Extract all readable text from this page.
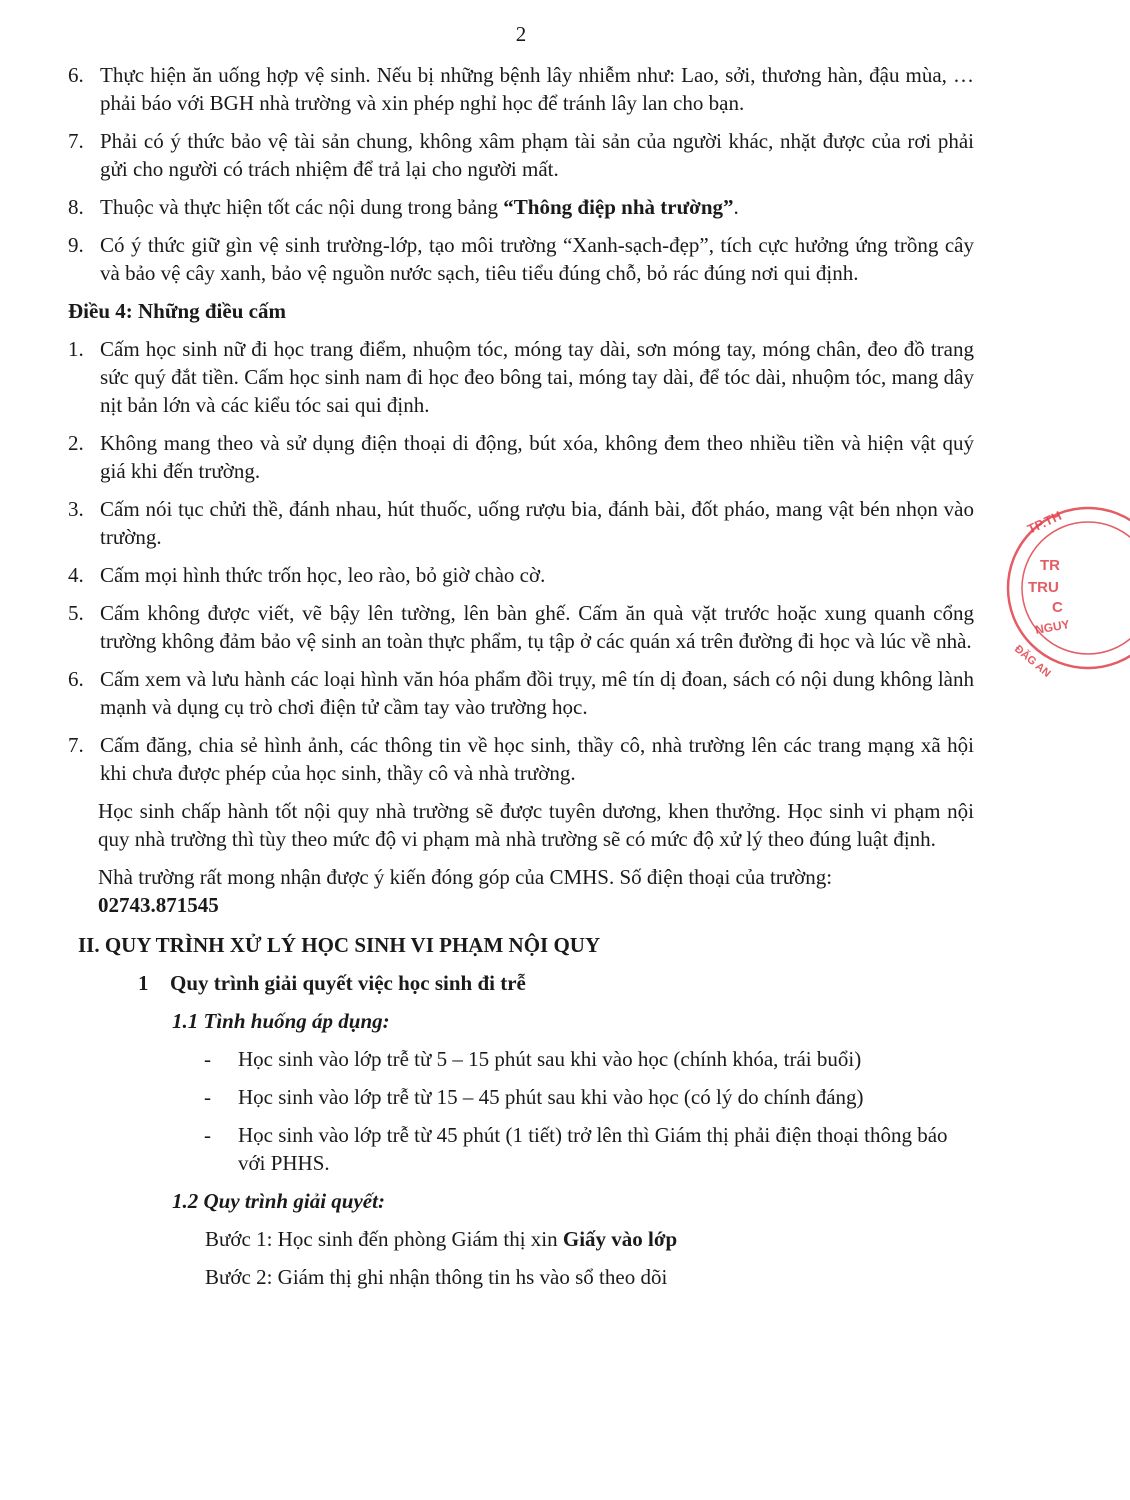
2
6. Thực hiện ăn uống hợp vệ sinh. Nếu bị những bệnh lây nhiễm như: Lao, sởi, thương hàn, đậu mùa, … phải báo với BGH nhà trường và xin phép nghỉ học để tránh lây lan cho bạn.
7. Phải có ý thức bảo vệ tài sản chung, không xâm phạm tài sản của người khác, nhặt được của rơi phải gửi cho người có trách nhiệm để trả lại cho người mất.
8. Thuộc và thực hiện tốt các nội dung trong bảng “Thông điệp nhà trường”.
9. Có ý thức giữ gìn vệ sinh trường-lớp, tạo môi trường “Xanh-sạch-đẹp”, tích cực hưởng ứng trồng cây và bảo vệ cây xanh, bảo vệ nguồn nước sạch, tiêu tiểu đúng chỗ, bỏ rác đúng nơi qui định.
Điều 4: Những điều cấm
1. Cấm học sinh nữ đi học trang điểm, nhuộm tóc, móng tay dài, sơn móng tay, móng chân, đeo đồ trang sức quý đắt tiền. Cấm học sinh nam đi học đeo bông tai, móng tay dài, để tóc dài, nhuộm tóc, mang dây nịt bản lớn và các kiểu tóc sai qui định.
2. Không mang theo và sử dụng điện thoại di động, bút xóa, không đem theo nhiều tiền và hiện vật quý giá khi đến trường.
3. Cấm nói tục chửi thề, đánh nhau, hút thuốc, uống rượu bia, đánh bài, đốt pháo, mang vật bén nhọn vào trường.
4. Cấm mọi hình thức trốn học, leo rào, bỏ giờ chào cờ.
5. Cấm không được viết, vẽ bậy lên tường, lên bàn ghế. Cấm ăn quà vặt trước hoặc xung quanh cổng trường không đảm bảo vệ sinh an toàn thực phẩm, tụ tập ở các quán xá trên đường đi học và lúc về nhà.
6. Cấm xem và lưu hành các loại hình văn hóa phẩm đồi trụy, mê tín dị đoan, sách có nội dung không lành mạnh và dụng cụ trò chơi điện tử cầm tay vào trường học.
7. Cấm đăng, chia sẻ hình ảnh, các thông tin về học sinh, thầy cô, nhà trường lên các trang mạng xã hội khi chưa được phép của học sinh, thầy cô và nhà trường.

Học sinh chấp hành tốt nội quy nhà trường sẽ được tuyên dương, khen thưởng. Học sinh vi phạm nội quy nhà trường thì tùy theo mức độ vi phạm mà nhà trường sẽ có mức độ xử lý theo đúng luật định.

Nhà trường rất mong nhận được ý kiến đóng góp của CMHS. Số điện thoại của trường:
02743.871545

II. QUY TRÌNH XỬ LÝ HỌC SINH VI PHẠM NỘI QUY
1 Quy trình giải quyết việc học sinh đi trễ
1.1 Tình huống áp dụng:
- Học sinh vào lớp trễ từ 5 – 15 phút sau khi vào học (chính khóa, trái buổi)
- Học sinh vào lớp trễ từ 15 – 45 phút sau khi vào học (có lý do chính đáng)
- Học sinh vào lớp trễ từ 45 phút (1 tiết) trở lên thì Giám thị phải điện thoại thông báo với PHHS.
1.2 Quy trình giải quyết:

Bước 1: Học sinh đến phòng Giám thị xin Giấy vào lớp

Bước 2: Giám thị ghi nhận thông tin hs vào sổ theo dõi

TP.TH
TR
TRU
C
NGUY
ĐĂG AN
